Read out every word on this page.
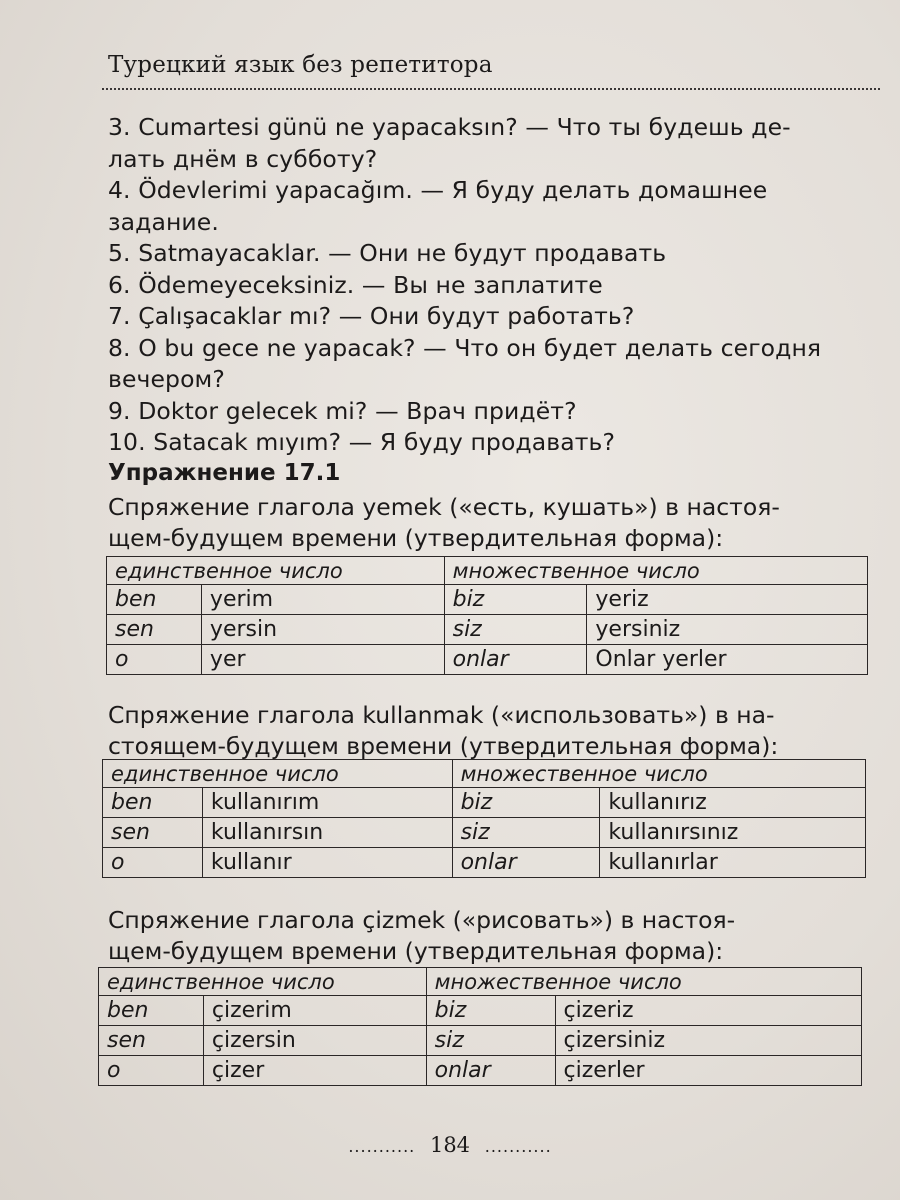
Турецкий язык без репетитора
3. Cumartesi günü ne yapacaksın? — Что ты будешь де-
лать днём в субботу?
4. Ödevlerimi yapacağım. — Я буду делать домашнее
задание.
5. Satmayacaklar. — Они не будут продавать
6. Ödemeyeceksiniz. — Вы не заплатите
7. Çalışacaklar mı? — Они будут работать?
8. O bu gece ne yapacak? — Что он будет делать сегодня
вечером?
9. Doktor gelecek mi? — Врач придёт?
10. Satacak mıyım? — Я буду продавать?
Упражнение 17.1
Спряжение глагола yemek («есть, кушать») в настоя-
щем-будущем времени (утвердительная форма):
единственное число		множественное число	
ben	yerim	biz	yeriz
sen	yersin	siz	yersiniz
o	yer	onlar	Onlar yerler
Спряжение глагола kullanmak («использовать») в на-
стоящем-будущем времени (утвердительная форма):
единственное число		множественное число	
ben	kullanırım	biz	kullanırız
sen	kullanırsın	siz	kullanırsınız
o	kullanır	onlar	kullanırlar
Спряжение глагола çizmek («рисовать») в настоя-
щем-будущем времени (утвердительная форма):
единственное число		множественное число	
ben	çizerim	biz	çizeriz
sen	çizersin	siz	çizersiniz
o	çizer	onlar	çizerler
........... 184 ...........
